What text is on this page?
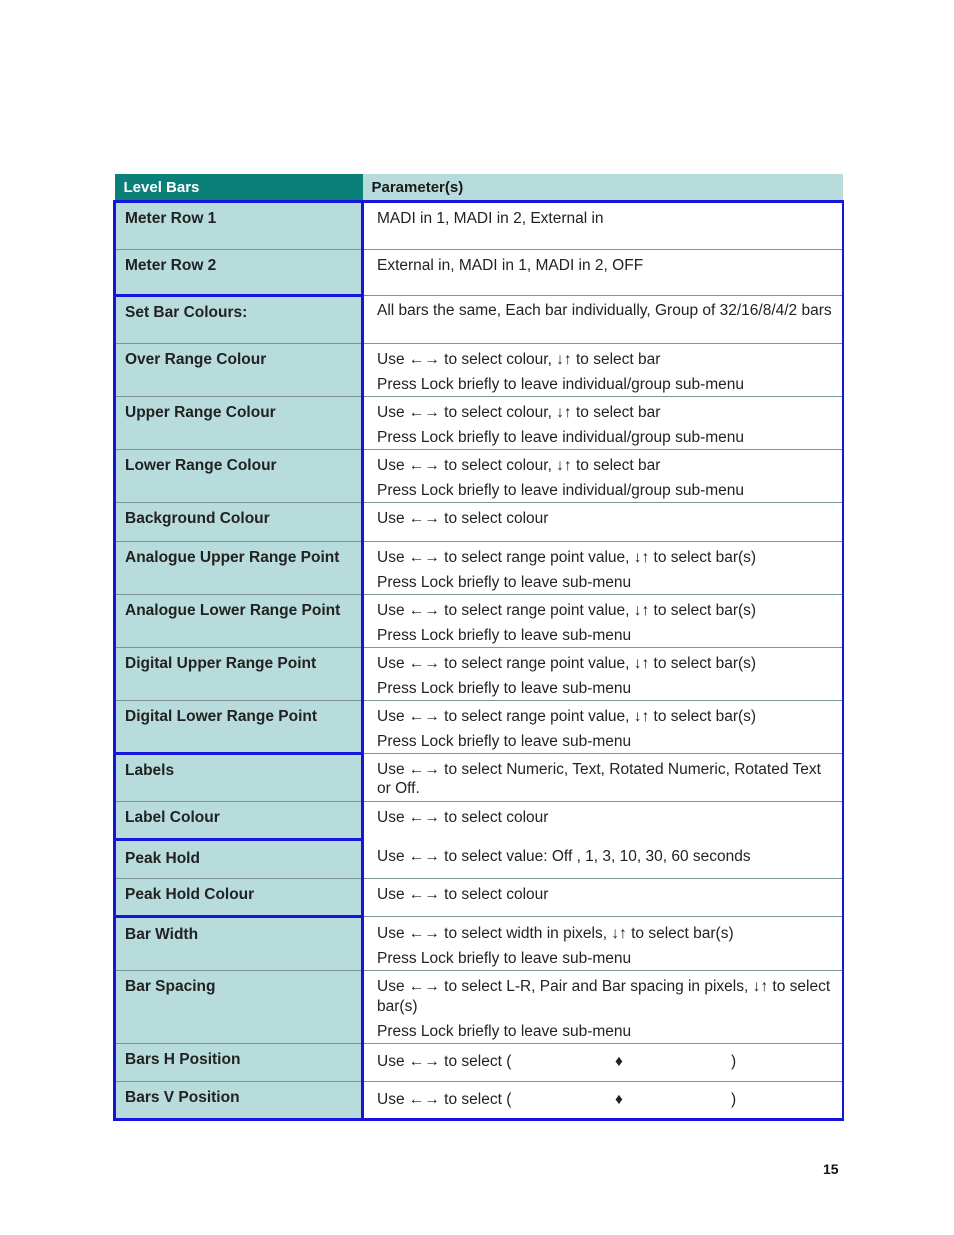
Level Bars	Parameter(s)
Meter Row 1	MADI in 1, MADI in 2, External in

Meter Row 2	External in, MADI in 1, MADI in 2, OFF

Set Bar Colours:	All bars the same, Each bar individually, Group of 32/16/8/4/2 bars

Over Range Colour	Use ←→ to select colour, ↓↑ to select bar
Press Lock briefly to leave individual/group sub-menu

Upper Range Colour	Use ←→ to select colour, ↓↑ to select bar
Press Lock briefly to leave individual/group sub-menu

Lower Range Colour	Use ←→ to select colour, ↓↑ to select bar
Press Lock briefly to leave individual/group sub-menu

Background Colour	Use ←→ to select colour

Analogue Upper Range Point	Use ←→ to select range point value, ↓↑ to select bar(s)
Press Lock briefly to leave sub-menu

Analogue Lower Range Point	Use ←→ to select range point value, ↓↑ to select bar(s)
Press Lock briefly to leave sub-menu

Digital Upper Range Point	Use ←→ to select range point value, ↓↑ to select bar(s)
Press Lock briefly to leave sub-menu

Digital Lower Range Point	Use ←→ to select range point value, ↓↑ to select bar(s)
Press Lock briefly to leave sub-menu

Labels	Use ←→ to select Numeric, Text, Rotated Numeric, Rotated Text or Off.

Label Colour	Use ←→ to select colour

Peak Hold	Use ←→ to select value: Off , 1, 3, 10, 30, 60 seconds

Peak Hold Colour	Use ←→ to select colour

Bar Width	Use ←→ to select width in pixels, ↓↑ to select bar(s)
Press Lock briefly to leave sub-menu

Bar Spacing	Use ←→ to select L-R, Pair and Bar spacing in pixels, ↓↑ to select bar(s)
Press Lock briefly to leave sub-menu

Bars H Position	Use ←→ to select ( ♦ )

Bars V Position	Use ←→ to select ( ♦ )
15
